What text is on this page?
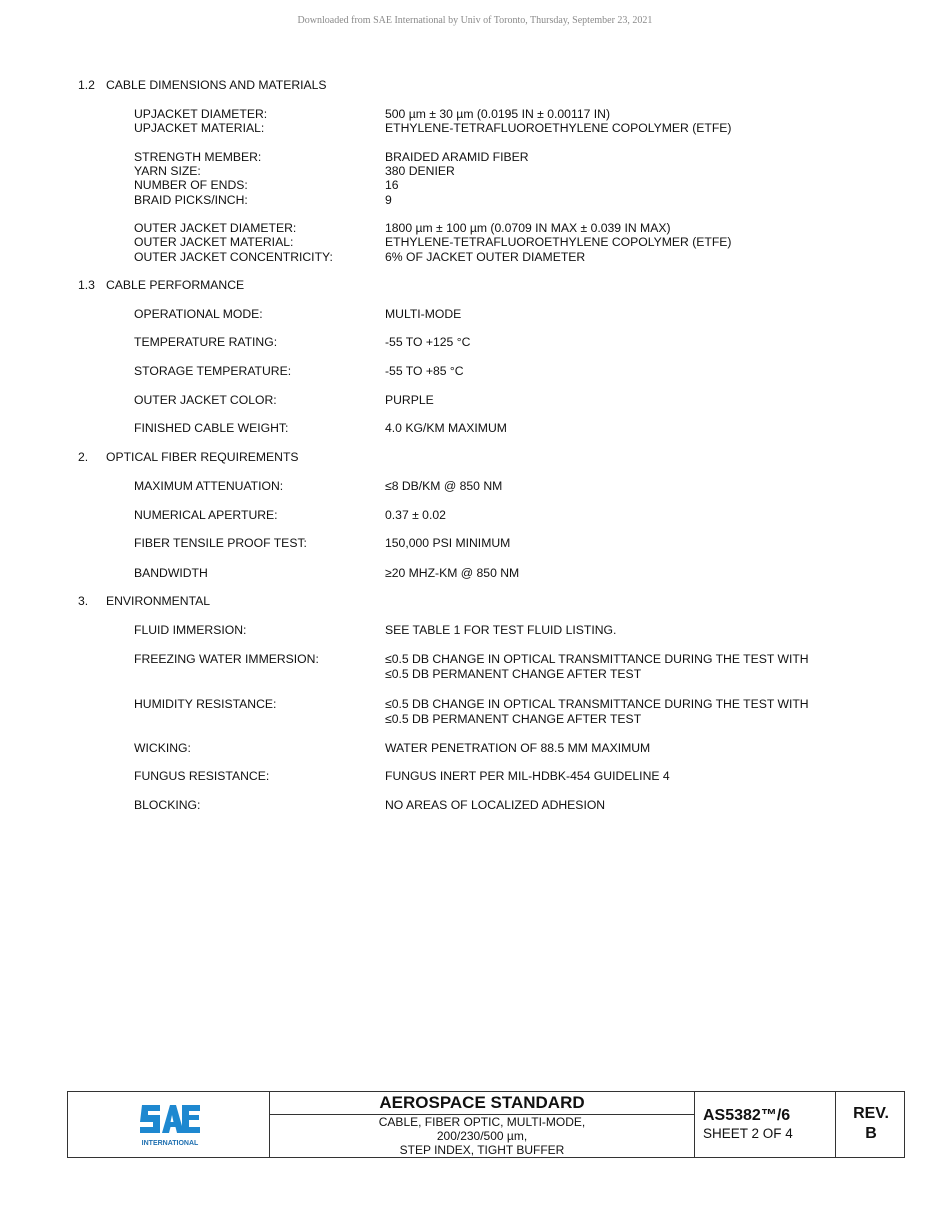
Downloaded from SAE International by Univ of Toronto, Thursday, September 23, 2021
1.2 CABLE DIMENSIONS AND MATERIALS
UPJACKET DIAMETER:	500 µm ± 30 µm (0.0195 IN ± 0.00117 IN)
UPJACKET MATERIAL:	ETHYLENE-TETRAFLUOROETHYLENE COPOLYMER (ETFE)
STRENGTH MEMBER:	BRAIDED ARAMID FIBER
YARN SIZE:	380 DENIER
NUMBER OF ENDS:	16
BRAID PICKS/INCH:	9
OUTER JACKET DIAMETER:	1800 µm ± 100 µm (0.0709 IN MAX ± 0.039 IN MAX)
OUTER JACKET MATERIAL:	ETHYLENE-TETRAFLUOROETHYLENE COPOLYMER (ETFE)
OUTER JACKET CONCENTRICITY:	6% OF JACKET OUTER DIAMETER
1.3 CABLE PERFORMANCE
OPERATIONAL MODE:	MULTI-MODE
TEMPERATURE RATING:	-55 TO +125 °C
STORAGE TEMPERATURE:	-55 TO +85 °C
OUTER JACKET COLOR:	PURPLE
FINISHED CABLE WEIGHT:	4.0 KG/KM MAXIMUM
2. OPTICAL FIBER REQUIREMENTS
MAXIMUM ATTENUATION:	≤8 DB/KM @ 850 NM
NUMERICAL APERTURE:	0.37 ± 0.02
FIBER TENSILE PROOF TEST:	150,000 PSI MINIMUM
BANDWIDTH	≥20 MHZ-KM @ 850 NM
3. ENVIRONMENTAL
FLUID IMMERSION:	SEE TABLE 1 FOR TEST FLUID LISTING.
FREEZING WATER IMMERSION:	≤0.5 DB CHANGE IN OPTICAL TRANSMITTANCE DURING THE TEST WITH
≤0.5 DB PERMANENT CHANGE AFTER TEST
HUMIDITY RESISTANCE:	≤0.5 DB CHANGE IN OPTICAL TRANSMITTANCE DURING THE TEST WITH
≤0.5 DB PERMANENT CHANGE AFTER TEST
WICKING:	WATER PENETRATION OF 88.5 MM MAXIMUM
FUNGUS RESISTANCE:	FUNGUS INERT PER MIL-HDBK-454 GUIDELINE 4
BLOCKING:	NO AREAS OF LOCALIZED ADHESION
INTERNATIONAL
AEROSPACE STANDARD
CABLE, FIBER OPTIC, MULTI-MODE,
200/230/500 µm,
STEP INDEX, TIGHT BUFFER
AS5382™/6
SHEET 2 OF 4
REV.
B
